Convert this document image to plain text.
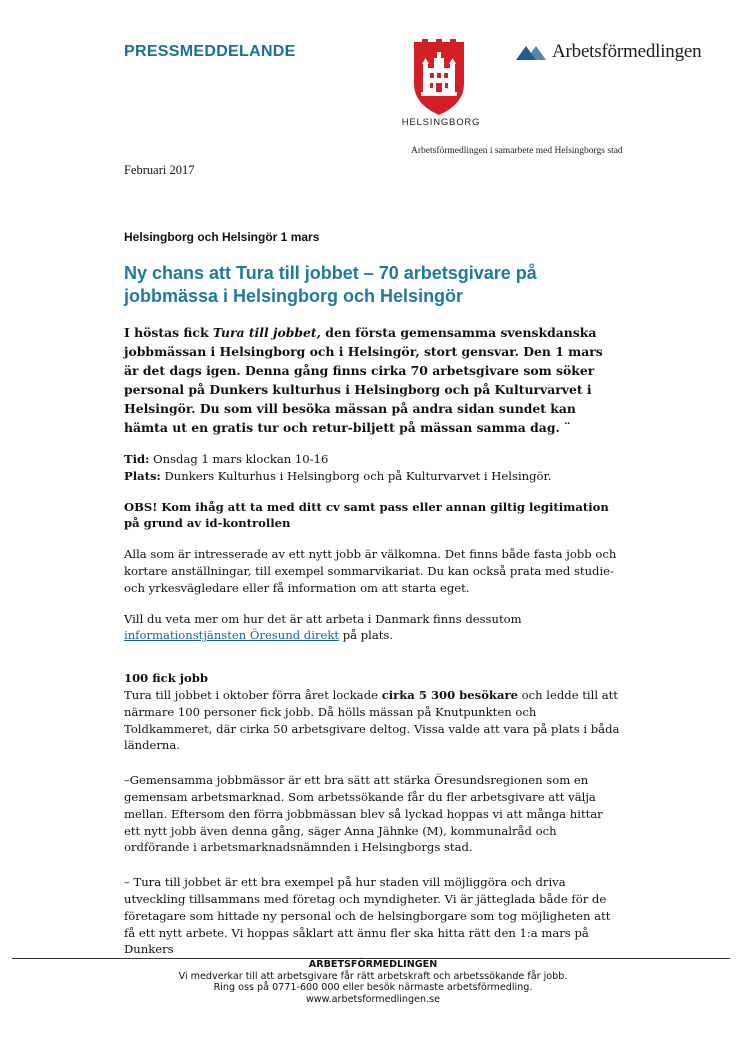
PRESSMEDDELANDE
HELSINGBORG
Arbetsförmedlingen
Arbetsförmedlingen i samarbete med Helsingborgs stad
Februari 2017
Helsingborg och Helsingör 1 mars
Ny chans att Tura till jobbet – 70 arbetsgivare på jobbmässa i Helsingborg och Helsingör

I höstas fick Tura till jobbet, den första gemensamma svenskdanska jobbmässan i Helsingborg och i Helsingör, stort gensvar. Den 1 mars är det dags igen. Denna gång finns cirka 70 arbetsgivare som söker personal på Dunkers kulturhus i Helsingborg och på Kulturvarvet i Helsingör. Du som vill besöka mässan på andra sidan sundet kan hämta ut en gratis tur och retur-biljett på mässan samma dag. ¨

Tid: Onsdag 1 mars klockan 10-16
Plats: Dunkers Kulturhus i Helsingborg och på Kulturvarvet i Helsingör.

OBS! Kom ihåg att ta med ditt cv samt pass eller annan giltig legitimation på grund av id-kontrollen

Alla som är intresserade av ett nytt jobb är välkomna. Det finns både fasta jobb och kortare anställningar, till exempel sommarvikariat. Du kan också prata med studie- och yrkesvägledare eller få information om att starta eget.

Vill du veta mer om hur det är att arbeta i Danmark finns dessutom informationstjänsten Öresund direkt på plats.

100 fick jobb

Tura till jobbet i oktober förra året lockade cirka 5 300 besökare och ledde till att närmare 100 personer fick jobb. Då hölls mässan på Knutpunkten och Toldkammeret, där cirka 50 arbetsgivare deltog. Vissa valde att vara på plats i båda länderna.

–Gemensamma jobbmässor är ett bra sätt att stärka Öresundsregionen som en gemensam arbetsmarknad. Som arbetssökande får du fler arbetsgivare att välja mellan. Eftersom den förra jobbmässan blev så lyckad hoppas vi att många hittar ett nytt jobb även denna gång, säger Anna Jähnke (M), kommunalråd och ordförande i arbetsmarknadsnämnden i Helsingborgs stad.

– Tura till jobbet är ett bra exempel på hur staden vill möjliggöra och driva utveckling tillsammans med företag och myndigheter. Vi är jätteglada både för de företagare som hittade ny personal och de helsingborgare som tog möjligheten att få ett nytt arbete. Vi hoppas såklart att ännu fler ska hitta rätt den 1:a mars på Dunkers

ARBETSFÖRMEDLINGEN
Vi medverkar till att arbetsgivare får rätt arbetskraft och arbetssökande får jobb.
Ring oss på 0771-600 000 eller besök närmaste arbetsförmedling.
www.arbetsformedlingen.se
